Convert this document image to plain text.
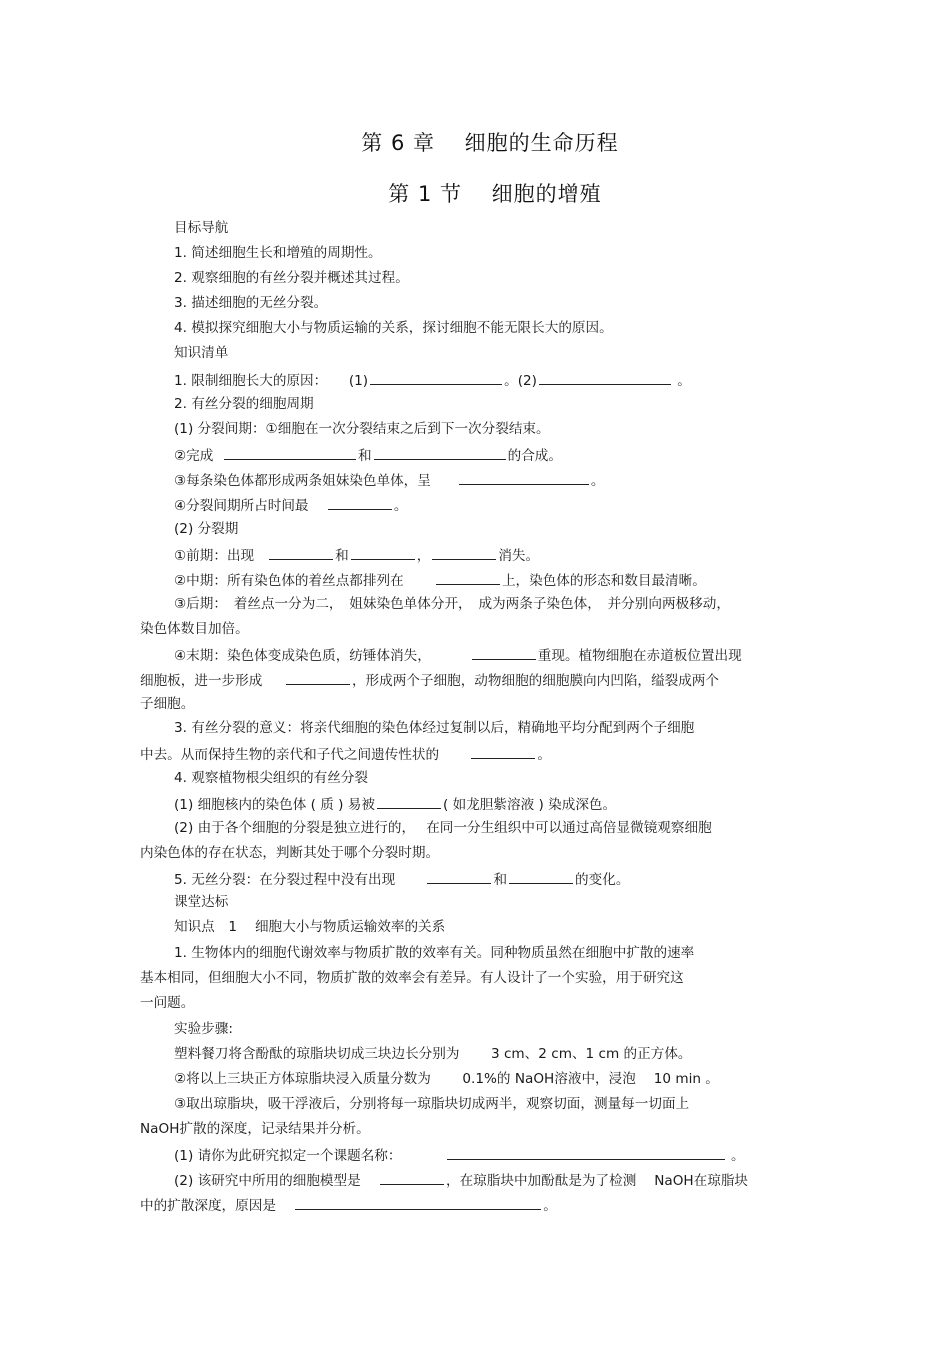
第 6 章　 细胞的生命历程
第 1 节　 细胞的增殖
目标导航
1. 简述细胞生长和增殖的周期性。
2. 观察细胞的有丝分裂并概述其过程。
3. 描述细胞的无丝分裂。
4. 模拟探究细胞大小与物质运输的关系，探讨细胞不能无限长大的原因。
知识清单
1. 限制细胞长大的原因： (1)	。(2)	。
2. 有丝分裂的细胞周期
(1) 分裂间期：①细胞在一次分裂结束之后到下一次分裂结束。
②完成	和	的合成。
③每条染色体都形成两条姐妹染色单体，呈	。
④分裂间期所占时间最	。
(2) 分裂期
①前期：出现	和	，	消失。
②中期：所有染色体的着丝点都排列在	上，染色体的形态和数目最清晰。
③后期：　着丝点一分为二，　姐妹染色单体分开，　成为两条子染色体，　并分别向两极移动，
染色体数目加倍。
④末期：染色体变成染色质，纺锤体消失，	重现。植物细胞在赤道板位置出现
细胞板，进一步形成	，形成两个子细胞，动物细胞的细胞膜向内凹陷，缢裂成两个
子细胞。
3. 有丝分裂的意义：将亲代细胞的染色体经过复制以后，精确地平均分配到两个子细胞
中去。从而保持生物的亲代和子代之间遗传性状的	。
4. 观察植物根尖组织的有丝分裂
(1) 细胞核内的染色体 ( 质 ) 易被	( 如龙胆紫溶液 ) 染成深色。
(2) 由于各个细胞的分裂是独立进行的，　 在同一分生组织中可以通过高倍显微镜观察细胞
内染色体的存在状态，判断其处于哪个分裂时期。
5. 无丝分裂：在分裂过程中没有出现	和	的变化。
课堂达标
知识点　1　 细胞大小与物质运输效率的关系
1. 生物体内的细胞代谢效率与物质扩散的效率有关。同种物质虽然在细胞中扩散的速率
基本相同，但细胞大小不同，物质扩散的效率会有差异。有人设计了一个实验，用于研究这
一问题。
实验步骤:
塑料餐刀将含酚酞的琼脂块切成三块边长分别为　　 3 cm、2 cm、1 cm 的正方体。
②将以上三块正方体琼脂块浸入质量分数为　　 0.1%的 NaOH溶液中，浸泡　 10 min 。
③取出琼脂块，吸干浮液后，分别将每一琼脂块切成两半，观察切面，测量每一切面上
NaOH扩散的深度，记录结果并分析。
(1) 请你为此研究拟定一个课题名称：	。
(2) 该研究中所用的细胞模型是	，在琼脂块中加酚酞是为了检测　 NaOH在琼脂块
中的扩散深度，原因是	。
